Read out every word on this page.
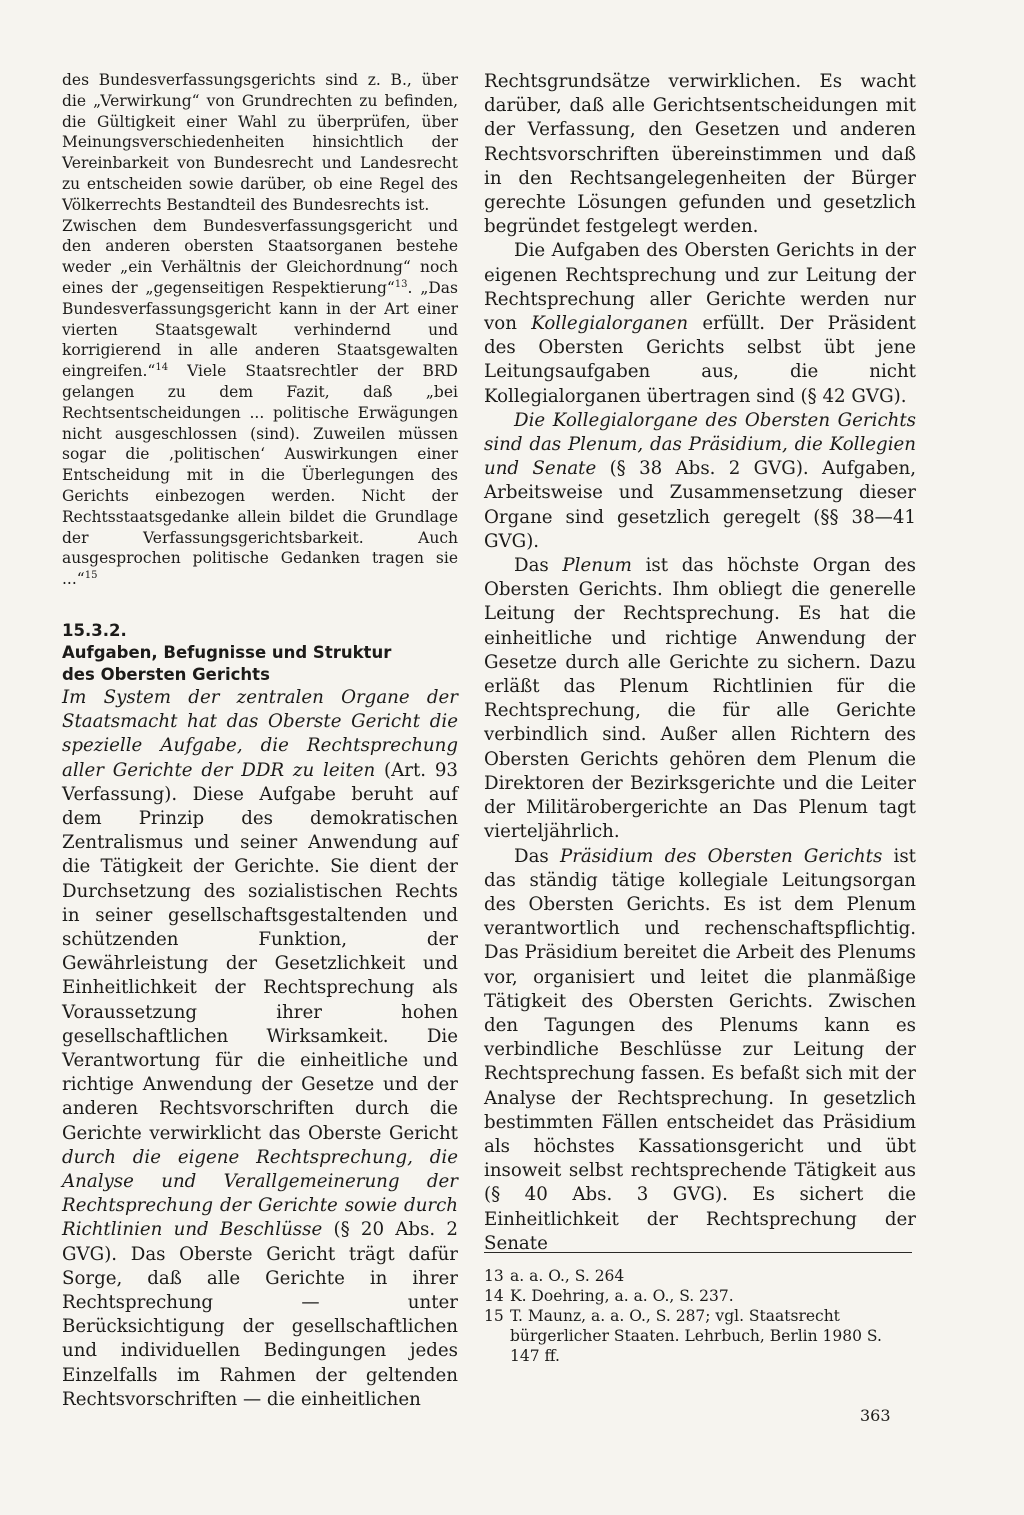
des Bundesverfassungsgerichts sind z. B., über die „Verwirkung“ von Grundrechten zu befinden, die Gültigkeit einer Wahl zu überprüfen, über Meinungsverschiedenheiten hinsichtlich der Vereinbarkeit von Bundesrecht und Landesrecht zu entscheiden sowie darüber, ob eine Regel des Völkerrechts Bestandteil des Bundesrechts ist.

Zwischen dem Bundesverfassungsgericht und den anderen obersten Staatsorganen bestehe weder „ein Verhältnis der Gleichordnung“ noch eines der „gegenseitigen Respektierung“$^{13}$. „Das Bundesverfassungsgericht kann in der Art einer vierten Staatsgewalt verhindernd und korrigierend in alle anderen Staatsgewalten eingreifen.“$^{14}$ Viele Staatsrechtler der BRD gelangen zu dem Fazit, daß „bei Rechtsentscheidungen ... politische Erwägungen nicht ausgeschlossen (sind). Zuweilen müssen sogar die ‚politischen‘ Auswirkungen einer Entscheidung mit in die Überlegungen des Gerichts einbezogen werden. Nicht der Rechtsstaatsgedanke allein bildet die Grundlage der Verfassungsgerichtsbarkeit. Auch ausgesprochen politische Gedanken tragen sie ...“$^{15}$

15.3.2.
Aufgaben, Befugnisse und Struktur
des Obersten Gerichts

Im System der zentralen Organe der Staatsmacht hat das Oberste Gericht die spezielle Aufgabe, die Rechtsprechung aller Gerichte der DDR zu leiten (Art. 93 Verfassung). Diese Aufgabe beruht auf dem Prinzip des demokratischen Zentralismus und seiner Anwendung auf die Tätigkeit der Gerichte. Sie dient der Durchsetzung des sozialistischen Rechts in seiner gesellschaftsgestaltenden und schützenden Funktion, der Gewährleistung der Gesetzlichkeit und Einheitlichkeit der Rechtsprechung als Voraussetzung ihrer hohen gesellschaftlichen Wirksamkeit. Die Verantwortung für die einheitliche und richtige Anwendung der Gesetze und der anderen Rechtsvorschriften durch die Gerichte verwirklicht das Oberste Gericht durch die eigene Rechtsprechung, die Analyse und Verallgemeinerung der Rechtsprechung der Gerichte sowie durch Richtlinien und Beschlüsse (§ 20 Abs. 2 GVG). Das Oberste Gericht trägt dafür Sorge, daß alle Gerichte in ihrer Rechtsprechung — unter Berücksichtigung der gesellschaftlichen und individuellen Bedingungen jedes Einzelfalls im Rahmen der geltenden Rechtsvorschriften — die einheitlichen

Rechtsgrundsätze verwirklichen. Es wacht darüber, daß alle Gerichtsentscheidungen mit der Verfassung, den Gesetzen und anderen Rechtsvorschriften übereinstimmen und daß in den Rechtsangelegenheiten der Bürger gerechte Lösungen gefunden und gesetzlich begründet festgelegt werden.

Die Aufgaben des Obersten Gerichts in der eigenen Rechtsprechung und zur Leitung der Rechtsprechung aller Gerichte werden nur von Kollegialorganen erfüllt. Der Präsident des Obersten Gerichts selbst übt jene Leitungsaufgaben aus, die nicht Kollegialorganen übertragen sind (§ 42 GVG).

Die Kollegialorgane des Obersten Gerichts sind das Plenum, das Präsidium, die Kollegien und Senate (§ 38 Abs. 2 GVG). Aufgaben, Arbeitsweise und Zusammensetzung dieser Organe sind gesetzlich geregelt (§§ 38—41 GVG).

Das Plenum ist das höchste Organ des Obersten Gerichts. Ihm obliegt die generelle Leitung der Rechtsprechung. Es hat die einheitliche und richtige Anwendung der Gesetze durch alle Gerichte zu sichern. Dazu erläßt das Plenum Richtlinien für die Rechtsprechung, die für alle Gerichte verbindlich sind. Außer allen Richtern des Obersten Gerichts gehören dem Plenum die Direktoren der Bezirksgerichte und die Leiter der Militärobergerichte an Das Plenum tagt vierteljährlich.

Das Präsidium des Obersten Gerichts ist das ständig tätige kollegiale Leitungsorgan des Obersten Gerichts. Es ist dem Plenum verantwortlich und rechenschaftspflichtig. Das Präsidium bereitet die Arbeit des Plenums vor, organisiert und leitet die planmäßige Tätigkeit des Obersten Gerichts. Zwischen den Tagungen des Plenums kann es verbindliche Beschlüsse zur Leitung der Rechtsprechung fassen. Es befaßt sich mit der Analyse der Rechtsprechung. In gesetzlich bestimmten Fällen entscheidet das Präsidium als höchstes Kassationsgericht und übt insoweit selbst rechtsprechende Tätigkeit aus (§ 40 Abs. 3 GVG). Es sichert die Einheitlichkeit der Rechtsprechung der Senate

13 a. a. O., S. 264
14 K. Doehring, a. a. O., S. 237.
15 T. Maunz, a. a. O., S. 287; vgl. Staatsrecht bürgerlicher Staaten. Lehrbuch, Berlin 1980 S. 147 ff.
363
